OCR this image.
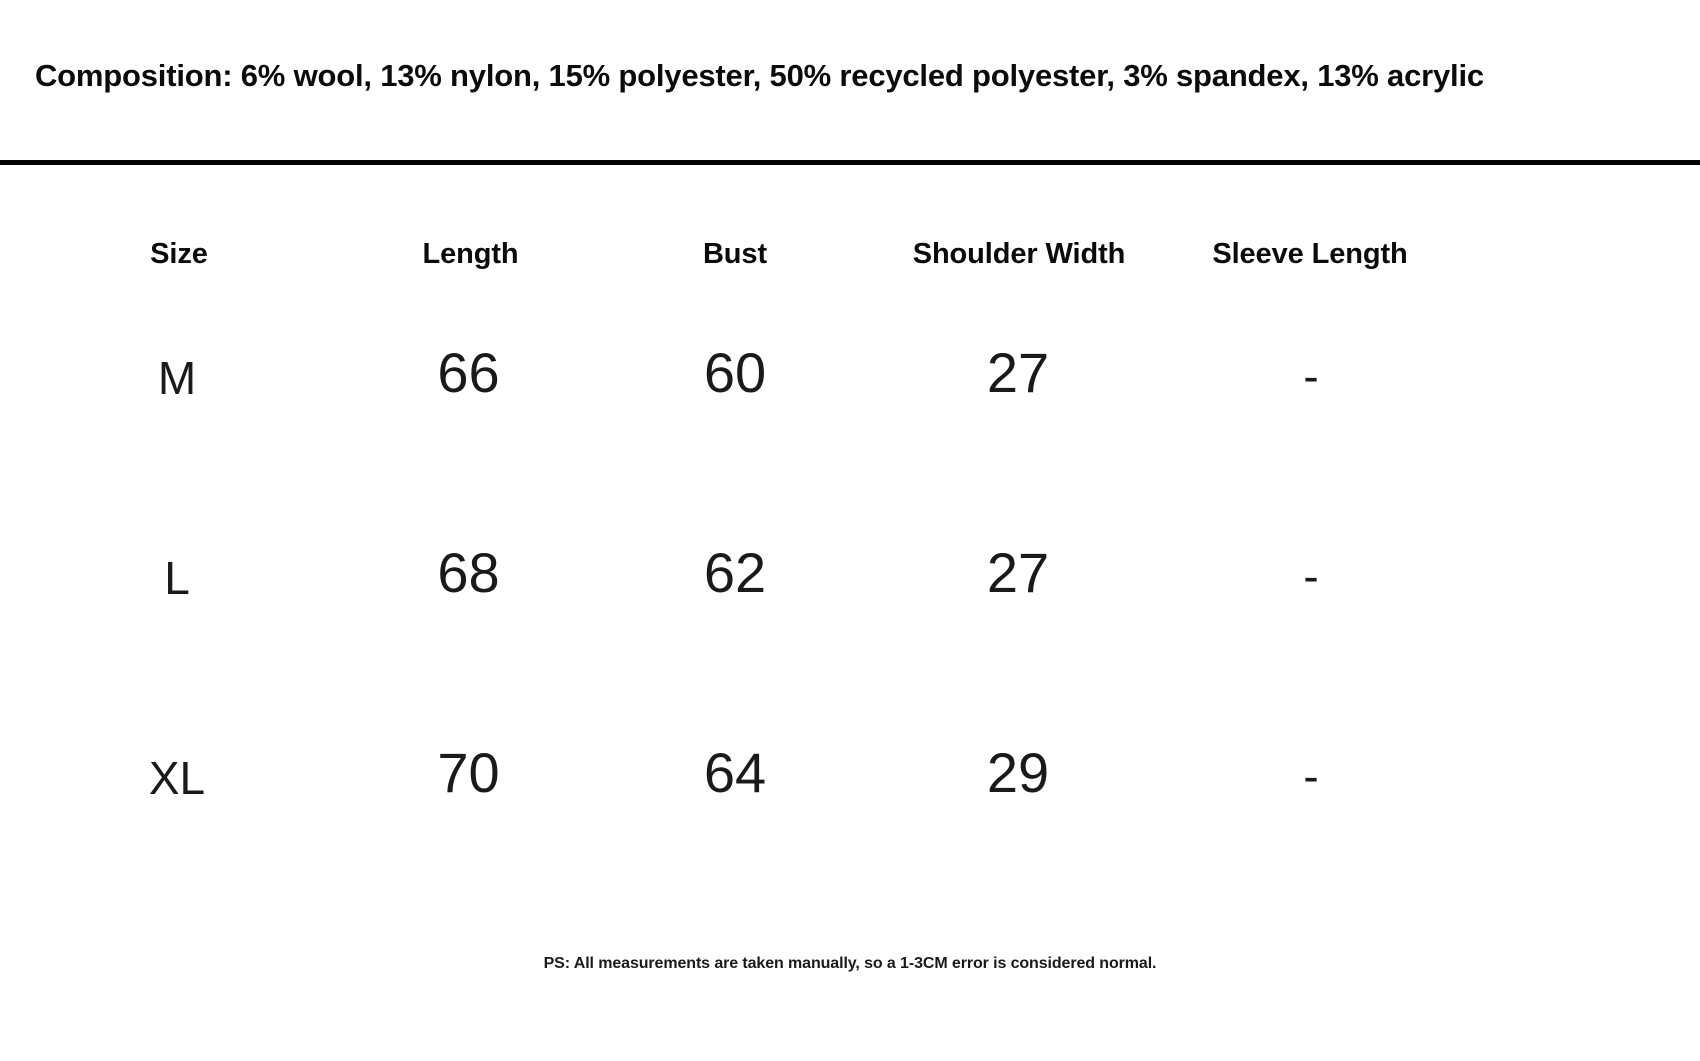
Composition: 6% wool, 13% nylon, 15% polyester, 50% recycled polyester, 3% spandex, 13% acrylic
Size	Length	Bust	Shoulder Width	Sleeve Length
M	66	60	27	-
L	68	62	27	-
XL	70	64	29	-
PS: All measurements are taken manually, so a 1-3CM error is considered normal.
